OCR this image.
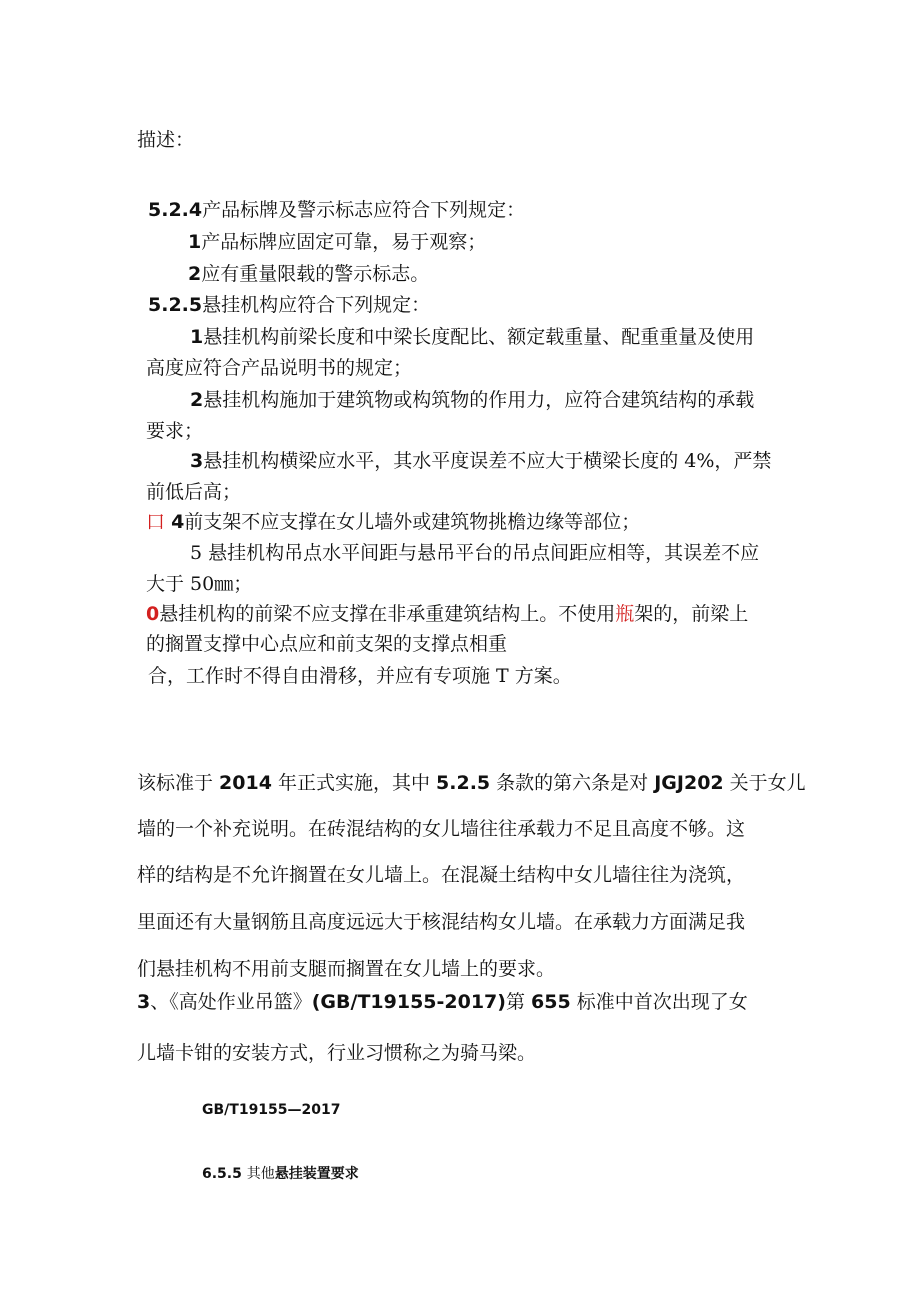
描述：
5.2.4产品标牌及警示标志应符合下列规定：
1产品标牌应固定可靠，易于观察；
2应有重量限载的警示标志。
5.2.5悬挂机构应符合下列规定：
1悬挂机构前梁长度和中梁长度配比、额定载重量、配重重量及使用
高度应符合产品说明书的规定；
2悬挂机构施加于建筑物或构筑物的作用力，应符合建筑结构的承载
要求；
3悬挂机构横梁应水平，其水平度误差不应大于横梁长度的 4%，严禁
前低后高；
口 4前支架不应支撑在女儿墙外或建筑物挑檐边缘等部位；
5 悬挂机构吊点水平间距与悬吊平台的吊点间距应相等，其误差不应
大于 50㎜；
0悬挂机构的前梁不应支撑在非承重建筑结构上。不使用瓶架的，前梁上
的搁置支撑中心点应和前支架的支撑点相重
合，工作时不得自由滑移，并应有专项施 T 方案。
该标准于 2014 年正式实施，其中 5.2.5 条款的第六条是对 JGJ202 关于女儿
墙的一个补充说明。在砖混结构的女儿墙往往承载力不足且高度不够。这
样的结构是不允许搁置在女儿墙上。在混凝土结构中女儿墙往往为浇筑，
里面还有大量钢筋且高度远远大于核混结构女儿墙。在承载力方面满足我
们悬挂机构不用前支腿而搁置在女儿墙上的要求。
3、《高处作业吊篮》(GB/T19155-2017)第 655 标准中首次出现了女
儿墙卡钳的安装方式，行业习惯称之为骑马梁。
GB/T19155—2017
6.5.5 其他悬挂装置要求
